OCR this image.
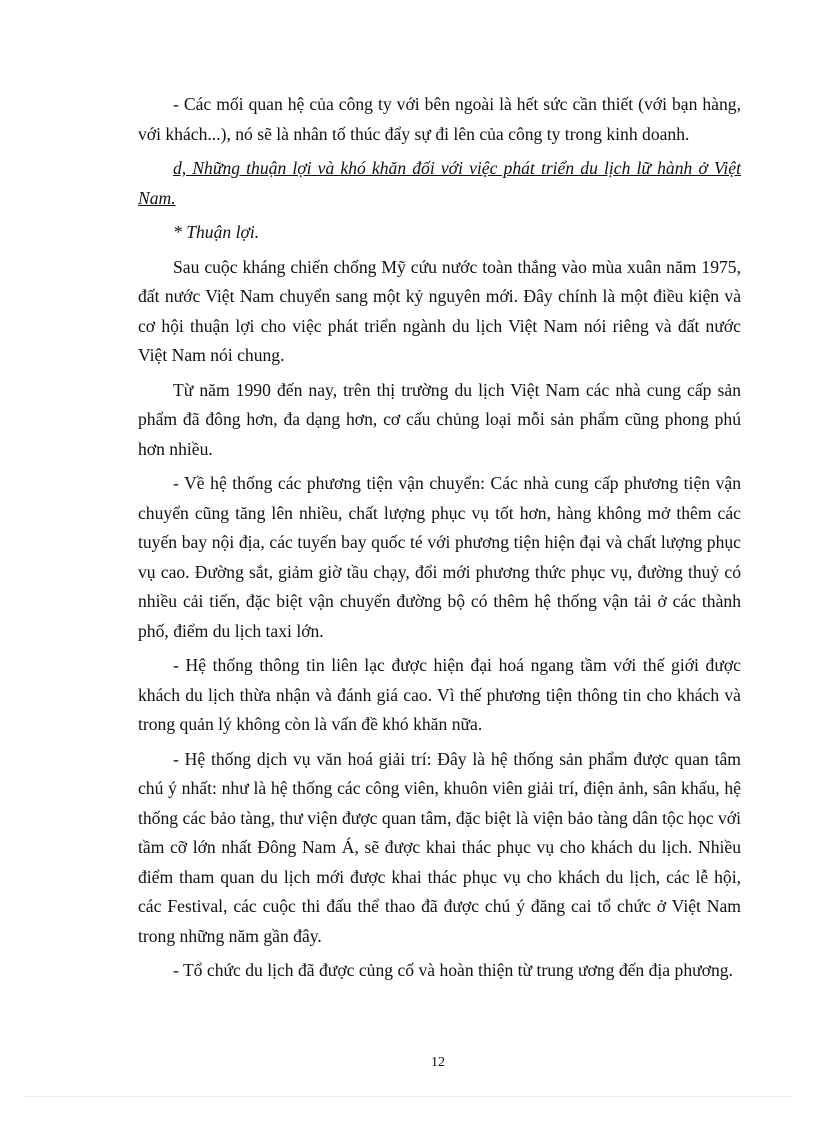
- Các mối quan hệ của công ty với bên ngoài là hết sức cần thiết (với bạn hàng, với khách...), nó sẽ là nhân tố thúc đẩy sự đi lên của công ty trong kinh doanh.

d, Những thuận lợi và khó khăn đối với việc phát triển du lịch lữ hành ở Việt Nam.

* Thuận lợi.

Sau cuộc kháng chiến chống Mỹ cứu nước toàn thắng vào mùa xuân năm 1975, đất nước Việt Nam chuyển sang một kỷ nguyên mới. Đây chính là một điều kiện và cơ hội thuận lợi cho việc phát triển ngành du lịch Việt Nam nói riêng và đất nước Việt Nam nói chung.

Từ năm 1990 đến nay, trên thị trường du lịch Việt Nam các nhà cung cấp sản phẩm đã đông hơn, đa dạng hơn, cơ cấu chủng loại mỗi sản phẩm cũng phong phú hơn nhiều.

- Về hệ thống các phương tiện vận chuyển: Các nhà cung cấp phương tiện vận chuyển cũng tăng lên nhiều, chất lượng phục vụ tốt hơn, hàng không mở thêm các tuyến bay nội địa, các tuyến bay quốc té với phương tiện hiện đại và chất lượng phục vụ cao. Đường sắt, giảm giờ tầu chạy, đổi mới phương thức phục vụ, đường thuỷ có nhiều cải tiến, đặc biệt vận chuyển đường bộ có thêm hệ thống vận tải ở các thành phố, điểm du lịch taxi lớn.

- Hệ thống thông tin liên lạc được hiện đại hoá ngang tầm với thế giới được khách du lịch thừa nhận và đánh giá cao. Vì thế phương tiện thông tin cho khách và trong quản lý không còn là vấn đề khó khăn nữa.

- Hệ thống dịch vụ văn hoá giải trí: Đây là hệ thống sản phẩm được quan tâm chú ý nhất: như là hệ thống các công viên, khuôn viên giải trí, điện ảnh, sân khấu, hệ thống các bảo tàng, thư viện được quan tâm, đặc biệt là viện bảo tàng dân tộc học với tầm cỡ lớn nhất Đông Nam Á, sẽ được khai thác phục vụ cho khách du lịch. Nhiều điểm tham quan du lịch mới được khai thác phục vụ cho khách du lịch, các lễ hội, các Festival, các cuộc thi đấu thể thao đã được chú ý đăng cai tổ chức ở Việt Nam trong những năm gần đây.

- Tổ chức du lịch đã được củng cố và hoàn thiện từ trung ương đến địa phương.

12
